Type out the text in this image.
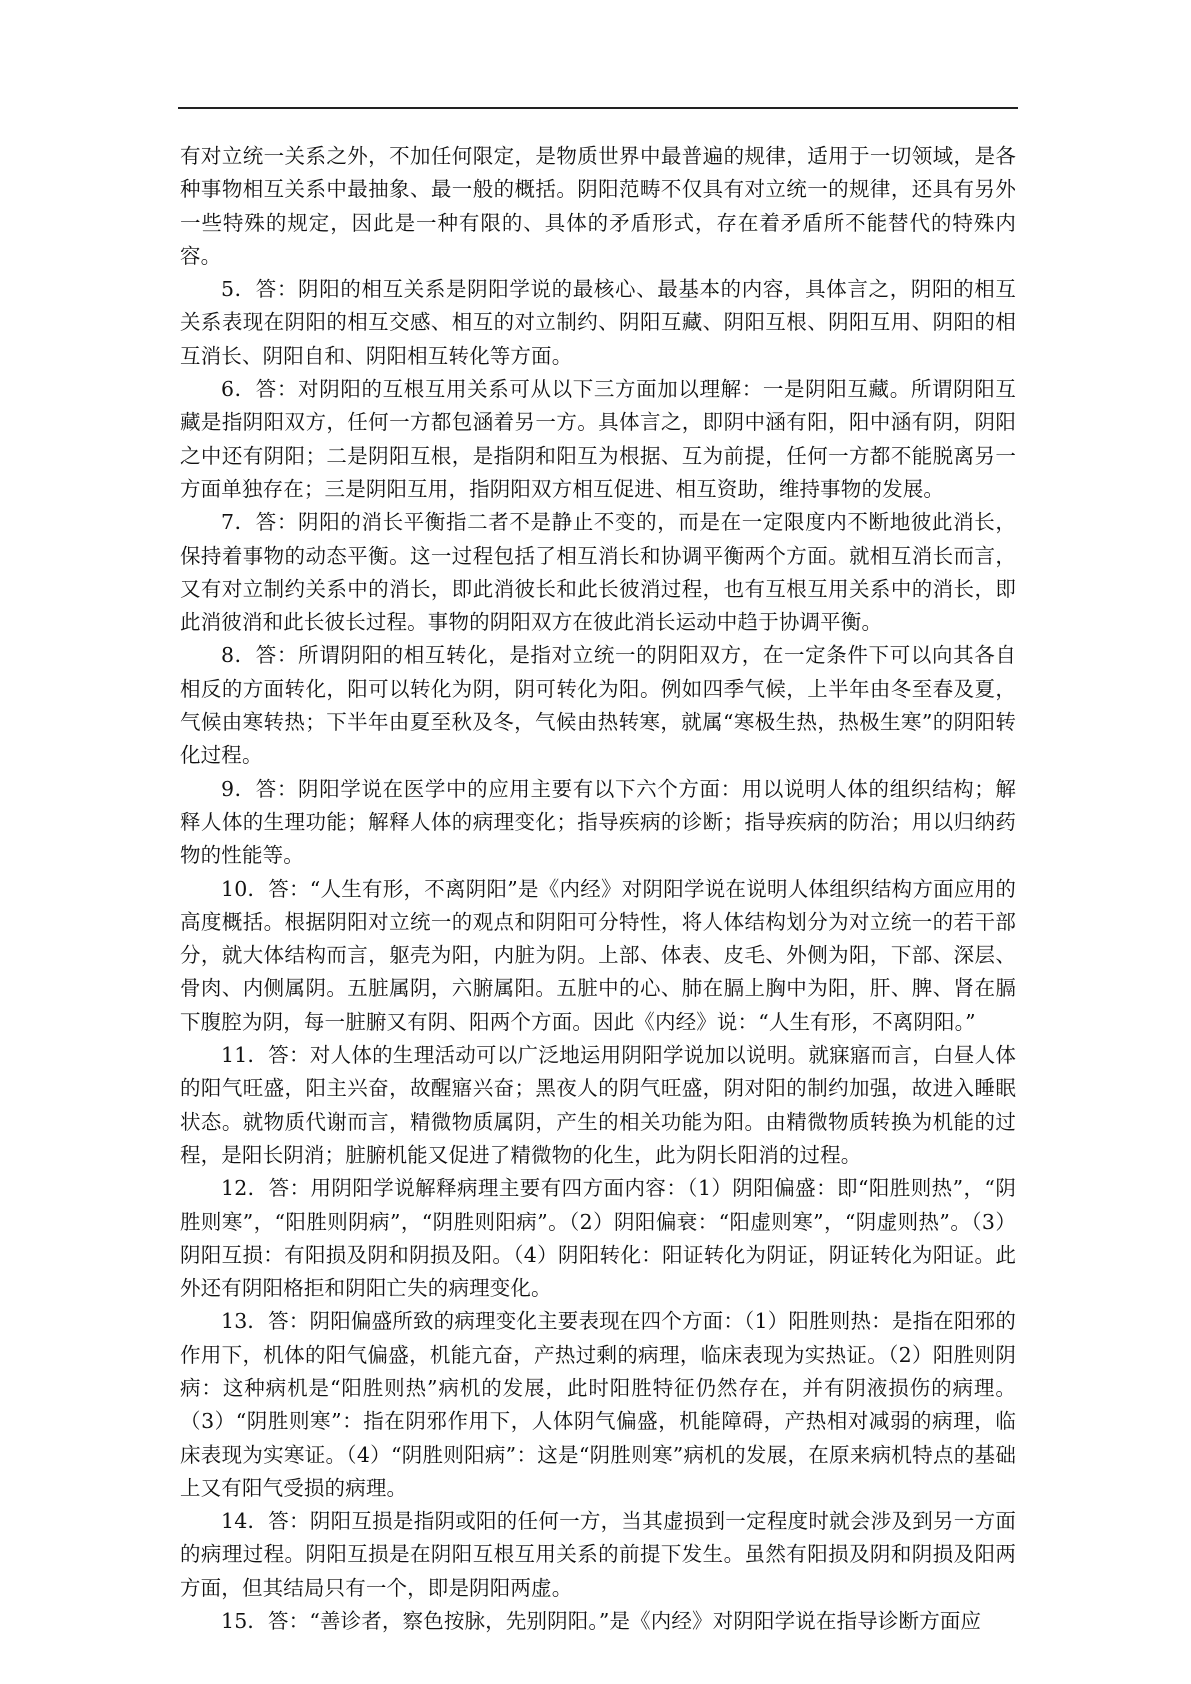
有对立统一关系之外，不加任何限定，是物质世界中最普遍的规律，适用于一切领域，是各种事物相互关系中最抽象、最一般的概括。阴阳范畴不仅具有对立统一的规律，还具有另外一些特殊的规定，因此是一种有限的、具体的矛盾形式，存在着矛盾所不能替代的特殊内容。

5．答：阴阳的相互关系是阴阳学说的最核心、最基本的内容，具体言之，阴阳的相互关系表现在阴阳的相互交感、相互的对立制约、阴阳互藏、阴阳互根、阴阳互用、阴阳的相互消长、阴阳自和、阴阳相互转化等方面。

6．答：对阴阳的互根互用关系可从以下三方面加以理解：一是阴阳互藏。所谓阴阳互藏是指阴阳双方，任何一方都包涵着另一方。具体言之，即阴中涵有阳，阳中涵有阴，阴阳之中还有阴阳；二是阴阳互根，是指阴和阳互为根据、互为前提，任何一方都不能脱离另一方面单独存在；三是阴阳互用，指阴阳双方相互促进、相互资助，维持事物的发展。

7．答：阴阳的消长平衡指二者不是静止不变的，而是在一定限度内不断地彼此消长，保持着事物的动态平衡。这一过程包括了相互消长和协调平衡两个方面。就相互消长而言，又有对立制约关系中的消长，即此消彼长和此长彼消过程，也有互根互用关系中的消长，即此消彼消和此长彼长过程。事物的阴阳双方在彼此消长运动中趋于协调平衡。

8．答：所谓阴阳的相互转化，是指对立统一的阴阳双方，在一定条件下可以向其各自相反的方面转化，阳可以转化为阴，阴可转化为阳。例如四季气候，上半年由冬至春及夏，气候由寒转热；下半年由夏至秋及冬，气候由热转寒，就属“寒极生热，热极生寒”的阴阳转化过程。

9．答：阴阳学说在医学中的应用主要有以下六个方面：用以说明人体的组织结构；解释人体的生理功能；解释人体的病理变化；指导疾病的诊断；指导疾病的防治；用以归纳药物的性能等。

10．答：“人生有形，不离阴阳”是《内经》对阴阳学说在说明人体组织结构方面应用的高度概括。根据阴阳对立统一的观点和阴阳可分特性，将人体结构划分为对立统一的若干部分，就大体结构而言，躯壳为阳，内脏为阴。上部、体表、皮毛、外侧为阳，下部、深层、骨肉、内侧属阴。五脏属阴，六腑属阳。五脏中的心、肺在膈上胸中为阳，肝、脾、肾在膈下腹腔为阴，每一脏腑又有阴、阳两个方面。因此《内经》说：“人生有形，不离阴阳。”

11．答：对人体的生理活动可以广泛地运用阴阳学说加以说明。就寐寤而言，白昼人体的阳气旺盛，阳主兴奋，故醒寤兴奋；黑夜人的阴气旺盛，阴对阳的制约加强，故进入睡眠状态。就物质代谢而言，精微物质属阴，产生的相关功能为阳。由精微物质转换为机能的过程，是阳长阴消；脏腑机能又促进了精微物的化生，此为阴长阳消的过程。

12．答：用阴阳学说解释病理主要有四方面内容：（1）阴阳偏盛：即“阳胜则热”，“阴胜则寒”，“阳胜则阴病”，“阴胜则阳病”。（2）阴阳偏衰：“阳虚则寒”，“阴虚则热”。（3）阴阳互损：有阳损及阴和阴损及阳。（4）阴阳转化：阳证转化为阴证，阴证转化为阳证。此外还有阴阳格拒和阴阳亡失的病理变化。

13．答：阴阳偏盛所致的病理变化主要表现在四个方面：（1）阳胜则热：是指在阳邪的作用下，机体的阳气偏盛，机能亢奋，产热过剩的病理，临床表现为实热证。（2）阳胜则阴病：这种病机是“阳胜则热”病机的发展，此时阳胜特征仍然存在，并有阴液损伤的病理。（3）“阴胜则寒”：指在阴邪作用下，人体阴气偏盛，机能障碍，产热相对减弱的病理，临床表现为实寒证。（4）“阴胜则阳病”：这是“阴胜则寒”病机的发展，在原来病机特点的基础上又有阳气受损的病理。

14．答：阴阳互损是指阴或阳的任何一方，当其虚损到一定程度时就会涉及到另一方面的病理过程。阴阳互损是在阴阳互根互用关系的前提下发生。虽然有阳损及阴和阴损及阳两方面，但其结局只有一个，即是阴阳两虚。

15．答：“善诊者，察色按脉，先别阴阳。”是《内经》对阴阳学说在指导诊断方面应
